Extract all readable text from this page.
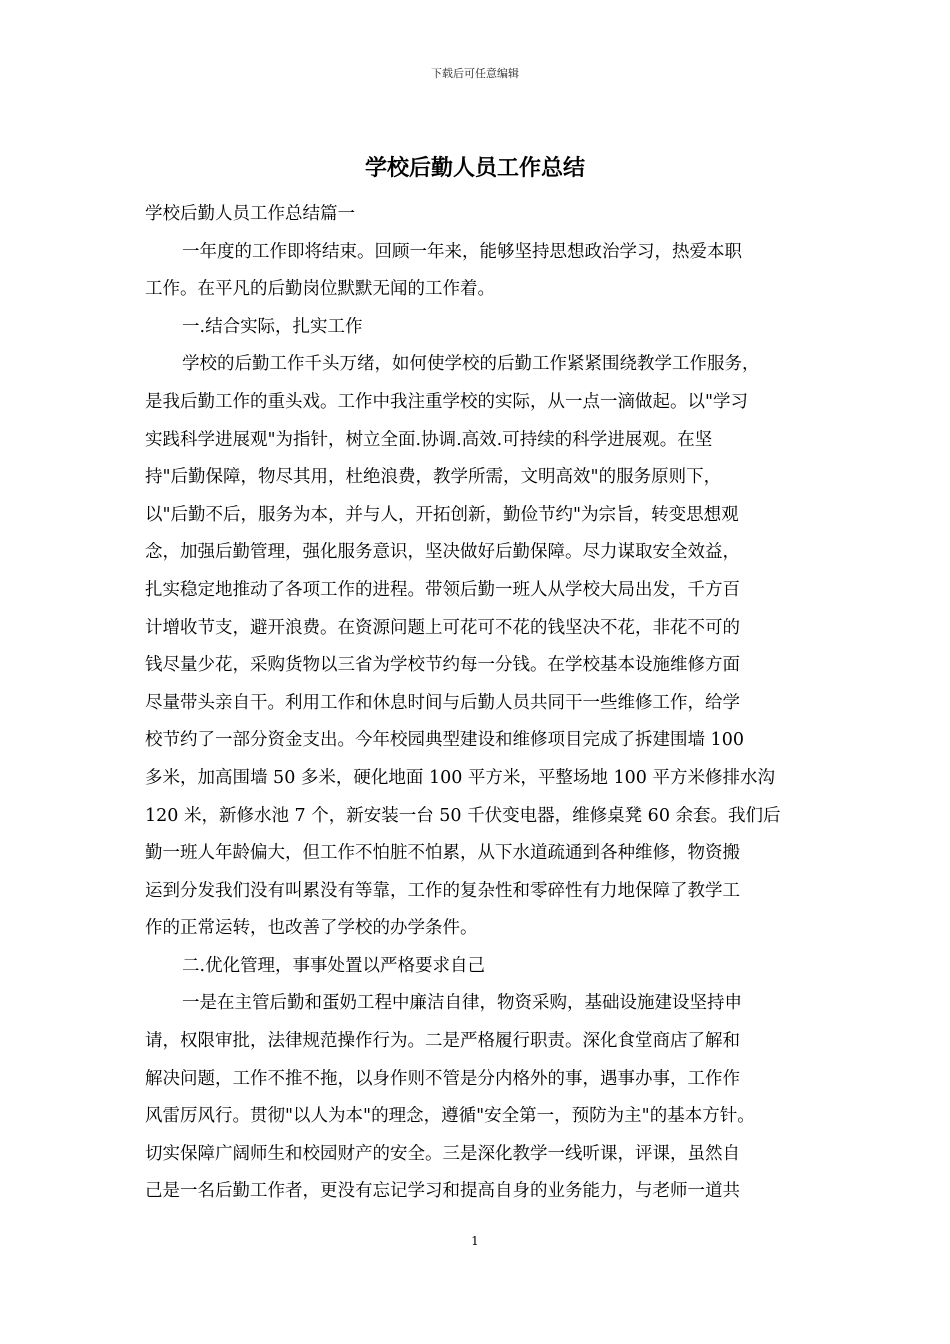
下载后可任意编辑
学校后勤人员工作总结
学校后勤人员工作总结篇一
一年度的工作即将结束。回顾一年来，能够坚持思想政治学习，热爱本职
工作。在平凡的后勤岗位默默无闻的工作着。
一.结合实际，扎实工作
学校的后勤工作千头万绪，如何使学校的后勤工作紧紧围绕教学工作服务，
是我后勤工作的重头戏。工作中我注重学校的实际，从一点一滴做起。以"学习
实践科学进展观"为指针，树立全面.协调.高效.可持续的科学进展观。在坚
持"后勤保障，物尽其用，杜绝浪费，教学所需，文明高效"的服务原则下，
以"后勤不后，服务为本，并与人，开拓创新，勤俭节约"为宗旨，转变思想观
念，加强后勤管理，强化服务意识，坚决做好后勤保障。尽力谋取安全效益，
扎实稳定地推动了各项工作的进程。带领后勤一班人从学校大局出发，千方百
计增收节支，避开浪费。在资源问题上可花可不花的钱坚决不花，非花不可的
钱尽量少花，采购货物以三省为学校节约每一分钱。在学校基本设施维修方面
尽量带头亲自干。利用工作和休息时间与后勤人员共同干一些维修工作，给学
校节约了一部分资金支出。今年校园典型建设和维修项目完成了拆建围墙 100
多米，加高围墙 50 多米，硬化地面 100 平方米，平整场地 100 平方米修排水沟
120 米，新修水池 7 个，新安装一台 50 千伏变电器，维修桌凳 60 余套。我们后
勤一班人年龄偏大，但工作不怕脏不怕累，从下水道疏通到各种维修，物资搬
运到分发我们没有叫累没有等靠，工作的复杂性和零碎性有力地保障了教学工
作的正常运转，也改善了学校的办学条件。
二.优化管理，事事处置以严格要求自己
一是在主管后勤和蛋奶工程中廉洁自律，物资采购，基础设施建设坚持申
请，权限审批，法律规范操作行为。二是严格履行职责。深化食堂商店了解和
解决问题，工作不推不拖，以身作则不管是分内格外的事，遇事办事，工作作
风雷厉风行。贯彻"以人为本"的理念，遵循"安全第一，预防为主"的基本方针。
切实保障广阔师生和校园财产的安全。三是深化教学一线听课，评课，虽然自
己是一名后勤工作者，更没有忘记学习和提高自身的业务能力，与老师一道共
1
